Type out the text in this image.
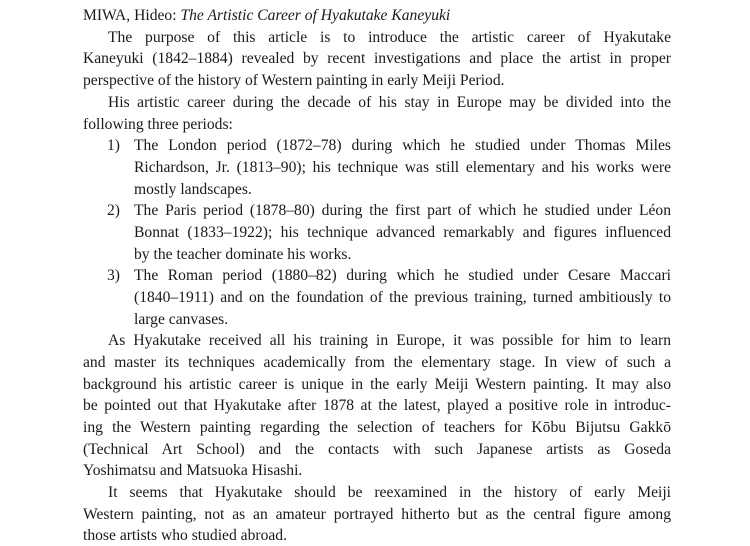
MIWA, Hideo: The Artistic Career of Hyakutake Kaneyuki
The purpose of this article is to introduce the artistic career of Hyakutake
Kaneyuki (1842–1884) revealed by recent investigations and place the artist in proper
perspective of the history of Western painting in early Meiji Period.
His artistic career during the decade of his stay in Europe may be divided into the
following three periods:
1) The London period (1872–78) during which he studied under Thomas Miles
Richardson, Jr. (1813–90); his technique was still elementary and his works were
mostly landscapes.
2) The Paris period (1878–80) during the first part of which he studied under Léon
Bonnat (1833–1922); his technique advanced remarkably and figures influenced
by the teacher dominate his works.
3) The Roman period (1880–82) during which he studied under Cesare Maccari
(1840–1911) and on the foundation of the previous training, turned ambitiously to
large canvases.
As Hyakutake received all his training in Europe, it was possible for him to learn
and master its techniques academically from the elementary stage. In view of such a
background his artistic career is unique in the early Meiji Western painting. It may also
be pointed out that Hyakutake after 1878 at the latest, played a positive role in introduc-
ing the Western painting regarding the selection of teachers for Kōbu Bijutsu Gakkō
(Technical Art School) and the contacts with such Japanese artists as Goseda
Yoshimatsu and Matsuoka Hisashi.
It seems that Hyakutake should be reexamined in the history of early Meiji
Western painting, not as an amateur portrayed hitherto but as the central figure among
those artists who studied abroad.
